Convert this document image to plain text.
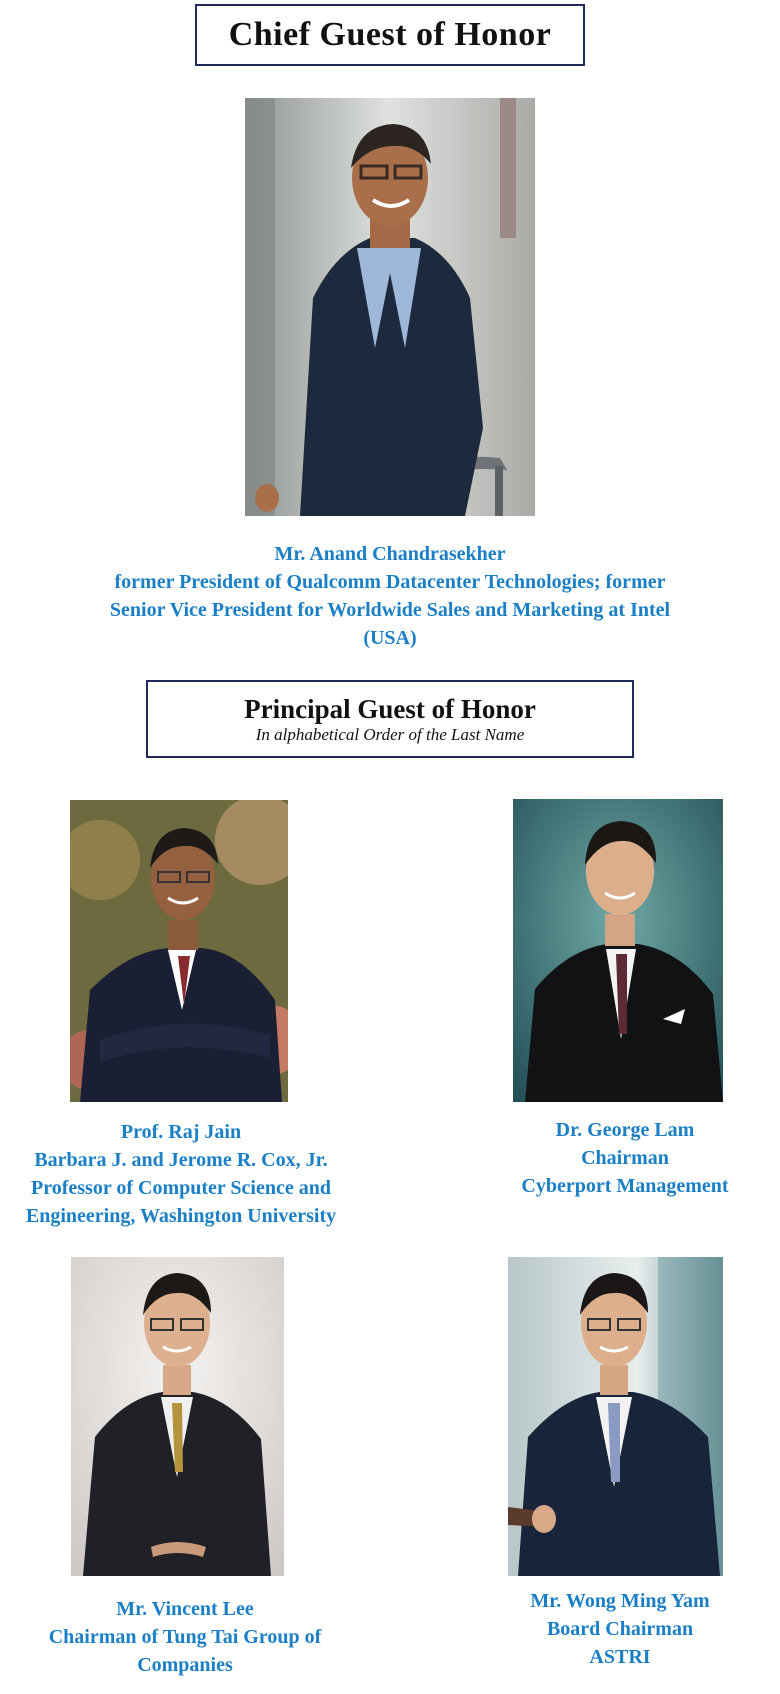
Chief Guest of Honor
Mr. Anand Chandrasekher
former President of Qualcomm Datacenter Technologies; former
Senior Vice President for Worldwide Sales and Marketing at Intel
(USA)
Principal Guest of Honor
In alphabetical Order of the Last Name
Prof. Raj Jain
Barbara J. and Jerome R. Cox, Jr.
Professor of Computer Science and
Engineering, Washington University
Dr. George Lam
Chairman
Cyberport Management
Mr. Vincent Lee
Chairman of Tung Tai Group of
Companies
Mr. Wong Ming Yam
Board Chairman
ASTRI
